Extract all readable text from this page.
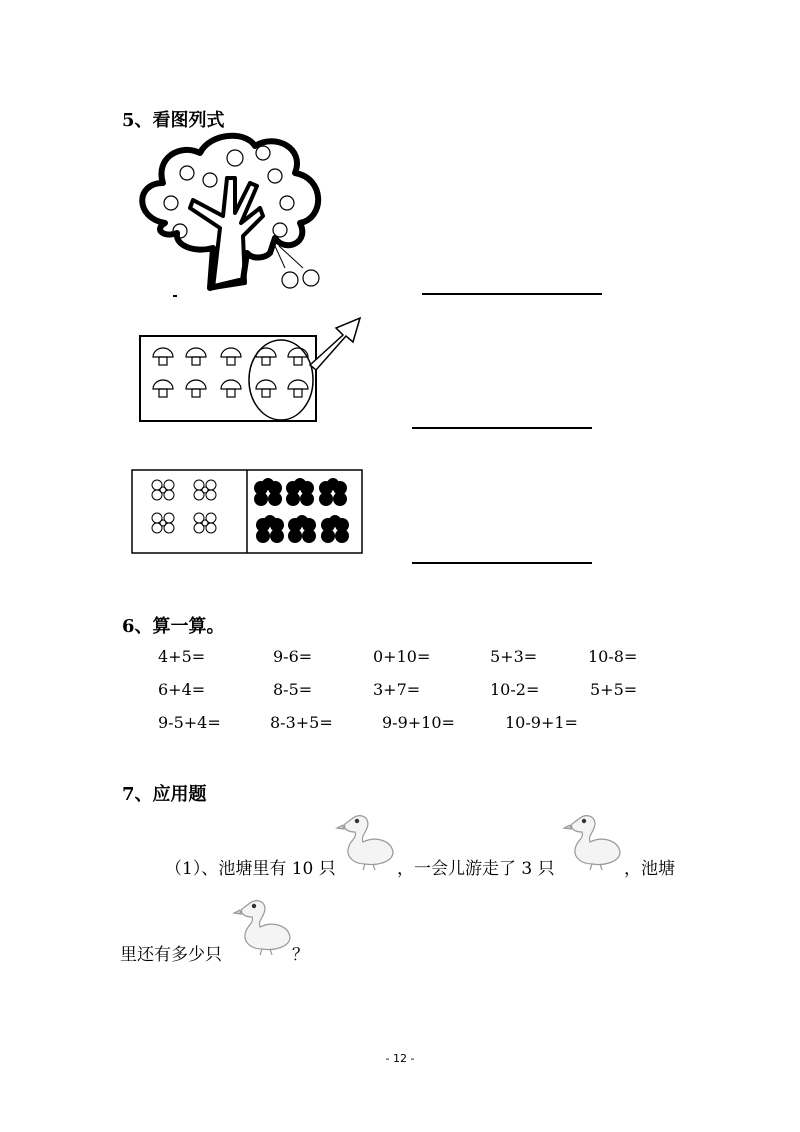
5、看图列式
6、算一算。
4+5=	9-6=	0+10=	5+3=	10-8=
6+4=	8-5=	3+7=	10-2=	5+5=
9-5+4=	8-3+5=	9-9+10=	10-9+1=
7、应用题
（1）、池塘里有 10 只	，一会儿游走了 3 只	，池塘
里还有多少只	？
- 12 -
